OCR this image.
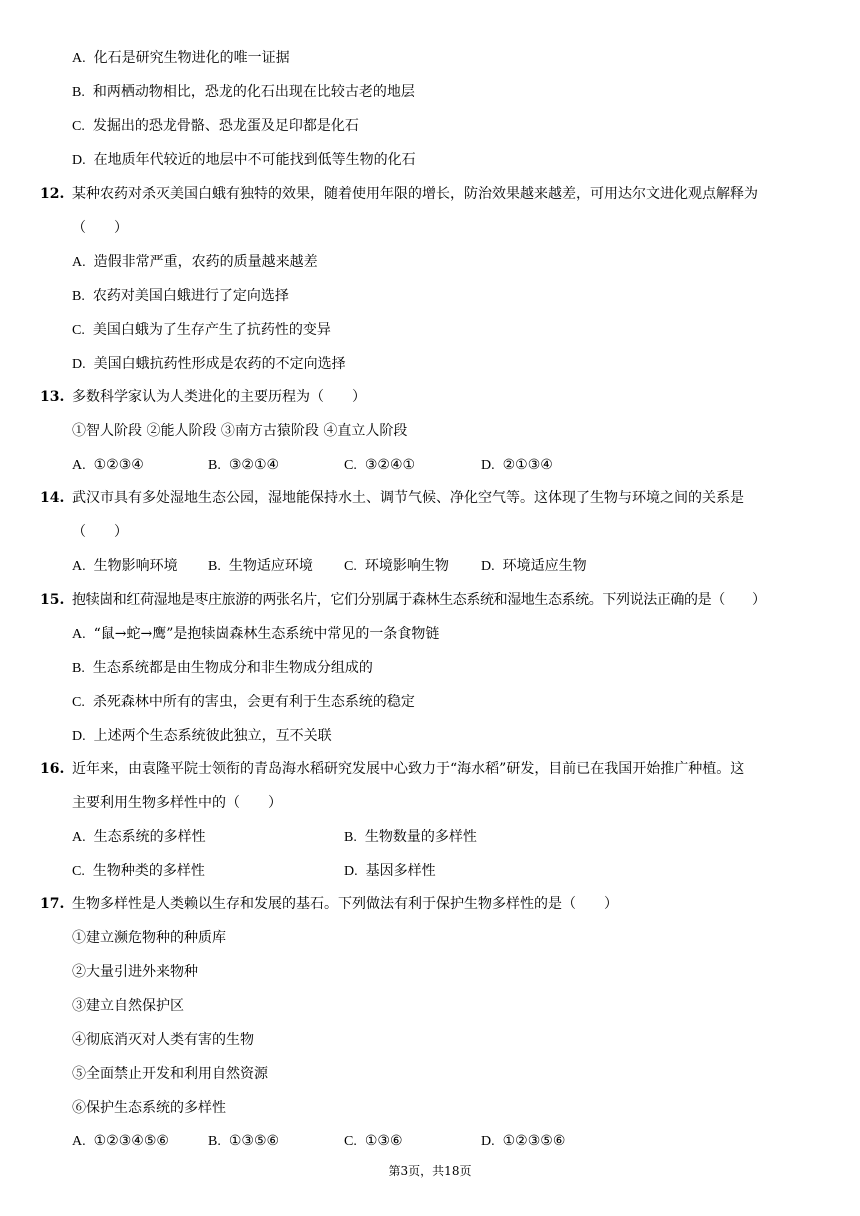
A. 化石是研究生物进化的唯一证据
B. 和两栖动物相比，恐龙的化石出现在比较古老的地层
C. 发掘出的恐龙骨骼、恐龙蛋及足印都是化石
D. 在地质年代较近的地层中不可能找到低等生物的化石
12. 某种农药对杀灭美国白蛾有独特的效果，随着使用年限的增长，防治效果越来越差，可用达尔文进化观点解释为
（　　）
A. 造假非常严重，农药的质量越来越差
B. 农药对美国白蛾进行了定向选择
C. 美国白蛾为了生存产生了抗药性的变异
D. 美国白蛾抗药性形成是农药的不定向选择
13. 多数科学家认为人类进化的主要历程为（　　）
①智人阶段 ②能人阶段 ③南方古猿阶段 ④直立人阶段
A. ①②③④	B. ③②①④	C. ③②④①	D. ②①③④
14. 武汉市具有多处湿地生态公园，湿地能保持水土、调节气候、净化空气等。这体现了生物与环境之间的关系是
（　　）
A. 生物影响环境 B. 生物适应环境 C. 环境影响生物 D. 环境适应生物
15. 抱犊崮和红荷湿地是枣庄旅游的两张名片，它们分别属于森林生态系统和湿地生态系统。下列说法正确的是（　　）
A. “鼠→蛇→鹰”是抱犊崮森林生态系统中常见的一条食物链
B. 生态系统都是由生物成分和非生物成分组成的
C. 杀死森林中所有的害虫，会更有利于生态系统的稳定
D. 上述两个生态系统彼此独立，互不关联
16. 近年来，由袁隆平院士领衔的青岛海水稻研究发展中心致力于“海水稻”研发，目前已在我国开始推广种植。这
主要利用生物多样性中的（　　）
A. 生态系统的多样性	B. 生物数量的多样性
C. 生物种类的多样性	D. 基因多样性
17. 生物多样性是人类赖以生存和发展的基石。下列做法有利于保护生物多样性的是（　　）
①建立濒危物种的种质库
②大量引进外来物种
③建立自然保护区
④彻底消灭对人类有害的生物
⑤全面禁止开发和利用自然资源
⑥保护生态系统的多样性
A. ①②③④⑤⑥	B. ①③⑤⑥	C. ①③⑥	D. ①②③⑤⑥
第3页，共18页
